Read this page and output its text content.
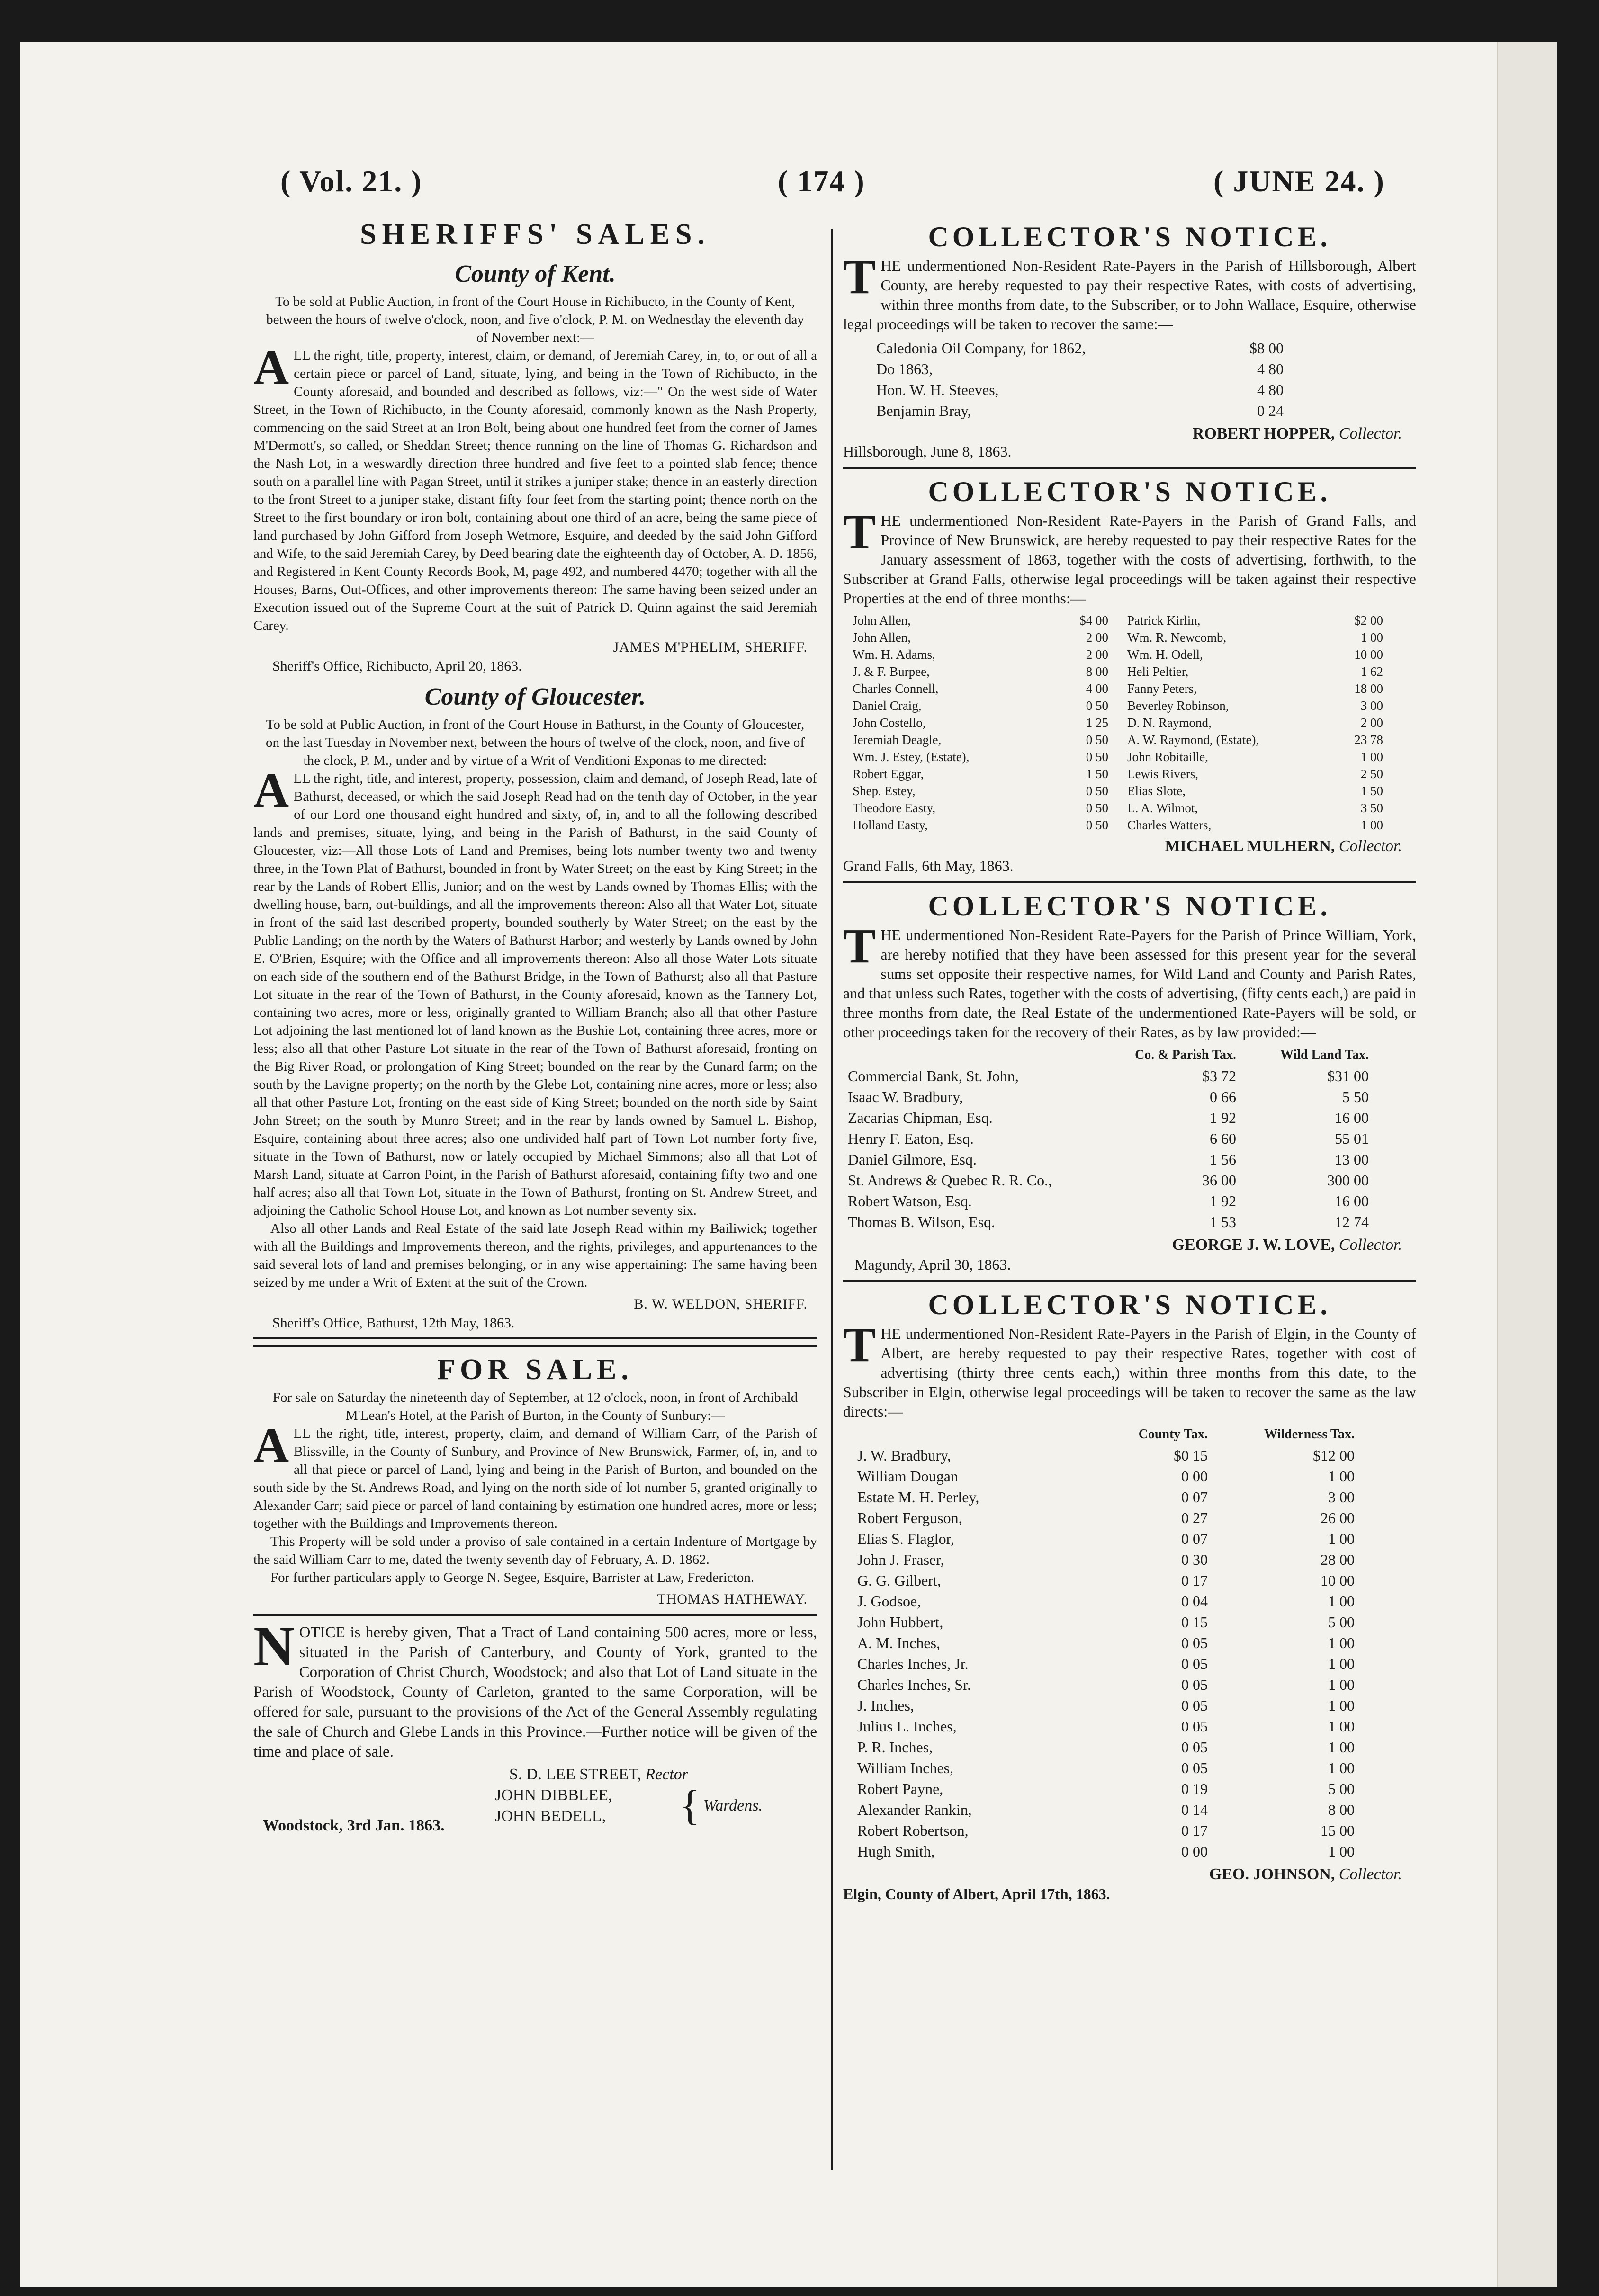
( Vol. 21. )	( 174 )	( JUNE 24. )
SHERIFFS' SALES.
County of Kent.

To be sold at Public Auction, in front of the Court House in Richibucto, in the County of Kent, between the hours of twelve o'clock, noon, and five o'clock, P. M. on Wednesday the eleventh day of November next:—

ALL the right, title, property, interest, claim, or demand, of Jeremiah Carey, in, to, or out of all a certain piece or parcel of Land, situate, lying, and being in the Town of Richibucto, in the County aforesaid, and bounded and described as follows, viz:—" On the west side of Water Street, in the Town of Richibucto, in the County aforesaid, commonly known as the Nash Property, commencing on the said Street at an Iron Bolt, being about one hundred feet from the corner of James M'Dermott's, so called, or Sheddan Street; thence running on the line of Thomas G. Richardson and the Nash Lot, in a weswardly direction three hundred and five feet to a pointed slab fence; thence south on a parallel line with Pagan Street, until it strikes a juniper stake; thence in an easterly direction to the front Street to a juniper stake, distant fifty four feet from the starting point; thence north on the Street to the first boundary or iron bolt, containing about one third of an acre, being the same piece of land purchased by John Gifford from Joseph Wetmore, Esquire, and deeded by the said John Gifford and Wife, to the said Jeremiah Carey, by Deed bearing date the eighteenth day of October, A. D. 1856, and Registered in Kent County Records Book, M, page 492, and numbered 4470; together with all the Houses, Barns, Out-Offices, and other improvements thereon: The same having been seized under an Execution issued out of the Supreme Court at the suit of Patrick D. Quinn against the said Jeremiah Carey.

JAMES M'PHELIM, SHERIFF.
Sheriff's Office, Richibucto, April 20, 1863.
County of Gloucester.

To be sold at Public Auction, in front of the Court House in Bathurst, in the County of Gloucester, on the last Tuesday in November next, between the hours of twelve of the clock, noon, and five of the clock, P. M., under and by virtue of a Writ of Venditioni Exponas to me directed:

ALL the right, title, and interest, property, possession, claim and demand, of Joseph Read, late of Bathurst, deceased, or which the said Joseph Read had on the tenth day of October, in the year of our Lord one thousand eight hundred and sixty, of, in, and to all the following described lands and premises, situate, lying, and being in the Parish of Bathurst, in the said County of Gloucester, viz:—All those Lots of Land and Premises, being lots number twenty two and twenty three, in the Town Plat of Bathurst, bounded in front by Water Street; on the east by King Street; in the rear by the Lands of Robert Ellis, Junior; and on the west by Lands owned by Thomas Ellis; with the dwelling house, barn, out-buildings, and all the improvements thereon: Also all that Water Lot, situate in front of the said last described property, bounded southerly by Water Street; on the east by the Public Landing; on the north by the Waters of Bathurst Harbor; and westerly by Lands owned by John E. O'Brien, Esquire; with the Office and all improvements thereon: Also all those Water Lots situate on each side of the southern end of the Bathurst Bridge, in the Town of Bathurst; also all that Pasture Lot situate in the rear of the Town of Bathurst, in the County aforesaid, known as the Tannery Lot, containing two acres, more or less, originally granted to William Branch; also all that other Pasture Lot adjoining the last mentioned lot of land known as the Bushie Lot, containing three acres, more or less; also all that other Pasture Lot situate in the rear of the Town of Bathurst aforesaid, fronting on the Big River Road, or prolongation of King Street; bounded on the rear by the Cunard farm; on the south by the Lavigne property; on the north by the Glebe Lot, containing nine acres, more or less; also all that other Pasture Lot, fronting on the east side of King Street; bounded on the north side by Saint John Street; on the south by Munro Street; and in the rear by lands owned by Samuel L. Bishop, Esquire, containing about three acres; also one undivided half part of Town Lot number forty five, situate in the Town of Bathurst, now or lately occupied by Michael Simmons; also all that Lot of Marsh Land, situate at Carron Point, in the Parish of Bathurst aforesaid, containing fifty two and one half acres; also all that Town Lot, situate in the Town of Bathurst, fronting on St. Andrew Street, and adjoining the Catholic School House Lot, and known as Lot number seventy six.

Also all other Lands and Real Estate of the said late Joseph Read within my Bailiwick; together with all the Buildings and Improvements thereon, and the rights, privileges, and appurtenances to the said several lots of land and premises belonging, or in any wise appertaining: The same having been seized by me under a Writ of Extent at the suit of the Crown.

B. W. WELDON, SHERIFF.
Sheriff's Office, Bathurst, 12th May, 1863.
FOR SALE.

For sale on Saturday the nineteenth day of September, at 12 o'clock, noon, in front of Archibald M'Lean's Hotel, at the Parish of Burton, in the County of Sunbury:—

ALL the right, title, interest, property, claim, and demand of William Carr, of the Parish of Blissville, in the County of Sunbury, and Province of New Brunswick, Farmer, of, in, and to all that piece or parcel of Land, lying and being in the Parish of Burton, and bounded on the south side by the St. Andrews Road, and lying on the north side of lot number 5, granted originally to Alexander Carr; said piece or parcel of land containing by estimation one hundred acres, more or less; together with the Buildings and Improvements thereon.

This Property will be sold under a proviso of sale contained in a certain Indenture of Mortgage by the said William Carr to me, dated the twenty seventh day of February, A. D. 1862.

For further particulars apply to George N. Segee, Esquire, Barrister at Law, Fredericton.

THOMAS HATHEWAY.

NOTICE is hereby given, That a Tract of Land containing 500 acres, more or less, situated in the Parish of Canterbury, and County of York, granted to the Corporation of Christ Church, Woodstock; and also that Lot of Land situate in the Parish of Woodstock, County of Carleton, granted to the same Corporation, will be offered for sale, pursuant to the provisions of the Act of the General Assembly regulating the sale of Church and Glebe Lands in this Province.—Further notice will be given of the time and place of sale.

S. D. LEE STREET, Rector
JOHN DIBBLEE,
JOHN BEDELL, { Wardens.
Woodstock, 3rd Jan. 1863.
COLLECTOR'S NOTICE.

THE undermentioned Non-Resident Rate-Payers in the Parish of Hillsborough, Albert County, are hereby requested to pay their respective Rates, with costs of advertising, within three months from date, to the Subscriber, or to John Wallace, Esquire, otherwise legal proceedings will be taken to recover the same:—

Caledonia Oil Company, for 1862,	$8 00
Do 1863,	4 80
Hon. W. H. Steeves,	4 80
Benjamin Bray,	0 24
ROBERT HOPPER, Collector.
Hillsborough, June 8, 1863.
COLLECTOR'S NOTICE.

THE undermentioned Non-Resident Rate-Payers in the Parish of Grand Falls, and Province of New Brunswick, are hereby requested to pay their respective Rates for the January assessment of 1863, together with the costs of advertising, forthwith, to the Subscriber at Grand Falls, otherwise legal proceedings will be taken against their respective Properties at the end of three months:—

John Allen,	$4 00
John Allen,	2 00
Wm. H. Adams,	2 00
J. & F. Burpee,	8 00
Charles Connell,	4 00
Daniel Craig,	0 50
John Costello,	1 25
Jeremiah Deagle,	0 50
Wm. J. Estey, (Estate),	0 50
Robert Eggar,	1 50
Shep. Estey,	0 50
Theodore Easty,	0 50
Holland Easty,	0 50
Patrick Kirlin,	$2 00
Wm. R. Newcomb,	1 00
Wm. H. Odell,	10 00
Heli Peltier,	1 62
Fanny Peters,	18 00
Beverley Robinson,	3 00
D. N. Raymond,	2 00
A. W. Raymond, (Estate),	23 78
John Robitaille,	1 00
Lewis Rivers,	2 50
Elias Slote,	1 50
L. A. Wilmot,	3 50
Charles Watters,	1 00
MICHAEL MULHERN, Collector.
Grand Falls, 6th May, 1863.
COLLECTOR'S NOTICE.

THE undermentioned Non-Resident Rate-Payers for the Parish of Prince William, York, are hereby notified that they have been assessed for this present year for the several sums set opposite their respective names, for Wild Land and County and Parish Rates, and that unless such Rates, together with the costs of advertising, (fifty cents each,) are paid in three months from date, the Real Estate of the undermentioned Rate-Payers will be sold, or other proceedings taken for the recovery of their Rates, as by law provided:—

	Co. & Parish Tax.	Wild Land Tax.
Commercial Bank, St. John,	$3 72	$31 00
Isaac W. Bradbury,	0 66	5 50
Zacarias Chipman, Esq.	1 92	16 00
Henry F. Eaton, Esq.	6 60	55 01
Daniel Gilmore, Esq.	1 56	13 00
St. Andrews & Quebec R. R. Co.,	36 00	300 00
Robert Watson, Esq.	1 92	16 00
Thomas B. Wilson, Esq.	1 53	12 74
GEORGE J. W. LOVE, Collector.
Magundy, April 30, 1863.
COLLECTOR'S NOTICE.

THE undermentioned Non-Resident Rate-Payers in the Parish of Elgin, in the County of Albert, are hereby requested to pay their respective Rates, together with cost of advertising (thirty three cents each,) within three months from this date, to the Subscriber in Elgin, otherwise legal proceedings will be taken to recover the same as the law directs:—

	County Tax.	Wilderness Tax.
J. W. Bradbury,	$0 15	$12 00
William Dougan	0 00	1 00
Estate M. H. Perley,	0 07	3 00
Robert Ferguson,	0 27	26 00
Elias S. Flaglor,	0 07	1 00
John J. Fraser,	0 30	28 00
G. G. Gilbert,	0 17	10 00
J. Godsoe,	0 04	1 00
John Hubbert,	0 15	5 00
A. M. Inches,	0 05	1 00
Charles Inches, Jr.	0 05	1 00
Charles Inches, Sr.	0 05	1 00
J. Inches,	0 05	1 00
Julius L. Inches,	0 05	1 00
P. R. Inches,	0 05	1 00
William Inches,	0 05	1 00
Robert Payne,	0 19	5 00
Alexander Rankin,	0 14	8 00
Robert Robertson,	0 17	15 00
Hugh Smith,	0 00	1 00
GEO. JOHNSON, Collector.
Elgin, County of Albert, April 17th, 1863.
